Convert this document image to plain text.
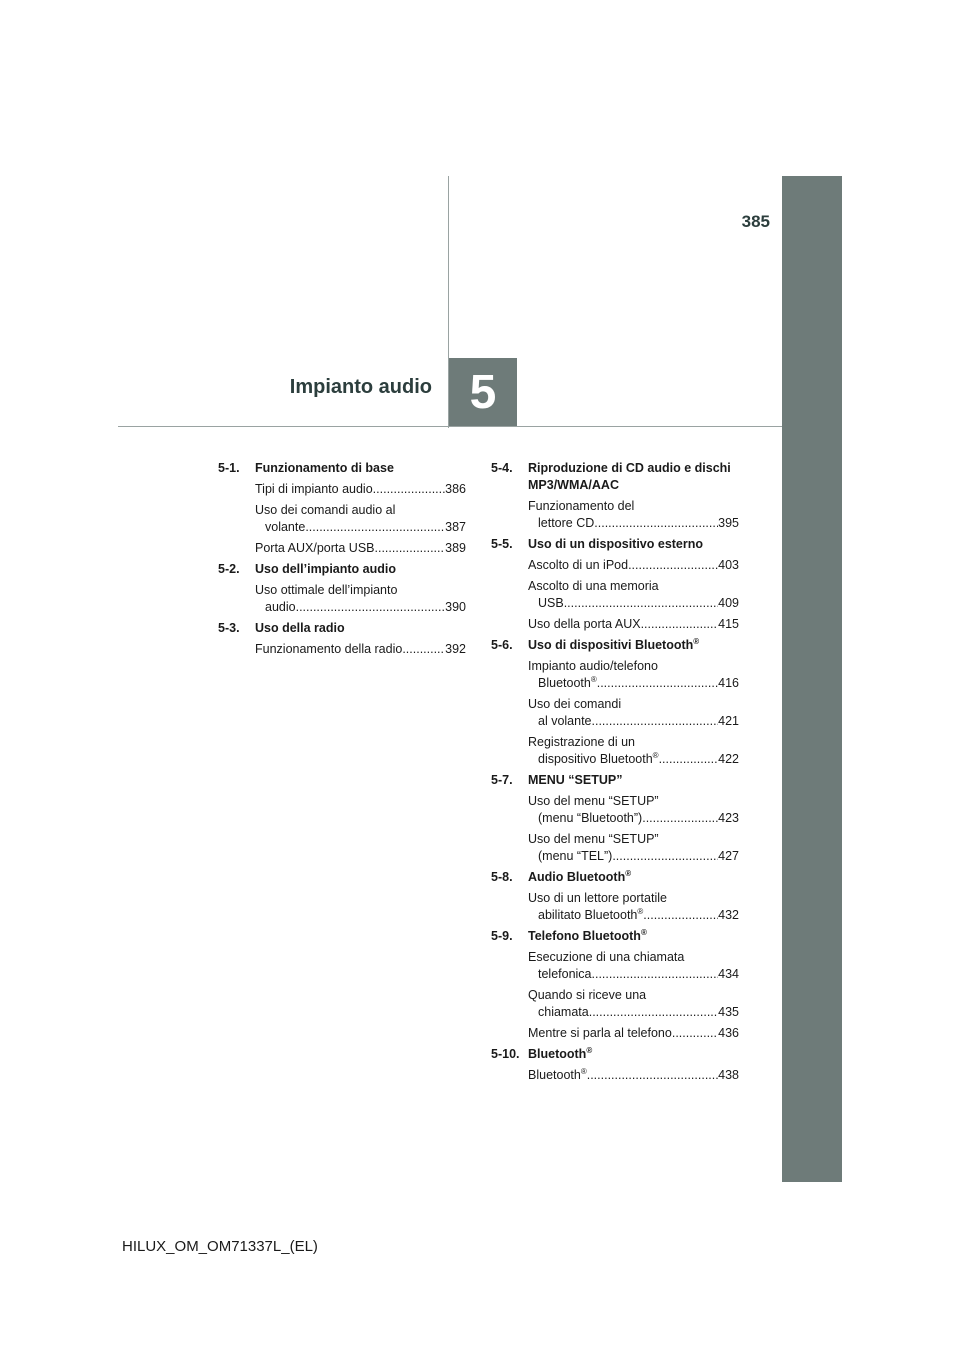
385
Impianto audio 5
5-1.	Funzionamento di base
Tipi di impianto audio .....	386
Uso dei comandi audio al
volante .....	387
Porta AUX/porta USB .....	389
5-2.	Uso dell’impianto audio
Uso ottimale dell’impianto
audio .....	390
5-3.	Uso della radio
Funzionamento della radio .....	392
5-4.	Riproduzione di CD audio e dischi MP3/WMA/AAC
Funzionamento del
lettore CD .....	395
5-5.	Uso di un dispositivo esterno
Ascolto di un iPod .....	403
Ascolto di una memoria
USB .....	409
Uso della porta AUX .....	415
5-6.	Uso di dispositivi Bluetooth®
Impianto audio/telefono
Bluetooth® .....	416
Uso dei comandi
al volante .....	421
Registrazione di un
dispositivo Bluetooth® .....	422
5-7.	MENU “SETUP”
Uso del menu “SETUP”
(menu “Bluetooth”) .....	423
Uso del menu “SETUP”
(menu “TEL”) .....	427
5-8.	Audio Bluetooth®
Uso di un lettore portatile
abilitato Bluetooth® .....	432
5-9.	Telefono Bluetooth®
Esecuzione di una chiamata
telefonica .....	434
Quando si riceve una
chiamata .....	435
Mentre si parla al telefono .....	436
5-10. Bluetooth®
Bluetooth® .....	438
HILUX_OM_OM71337L_(EL)
